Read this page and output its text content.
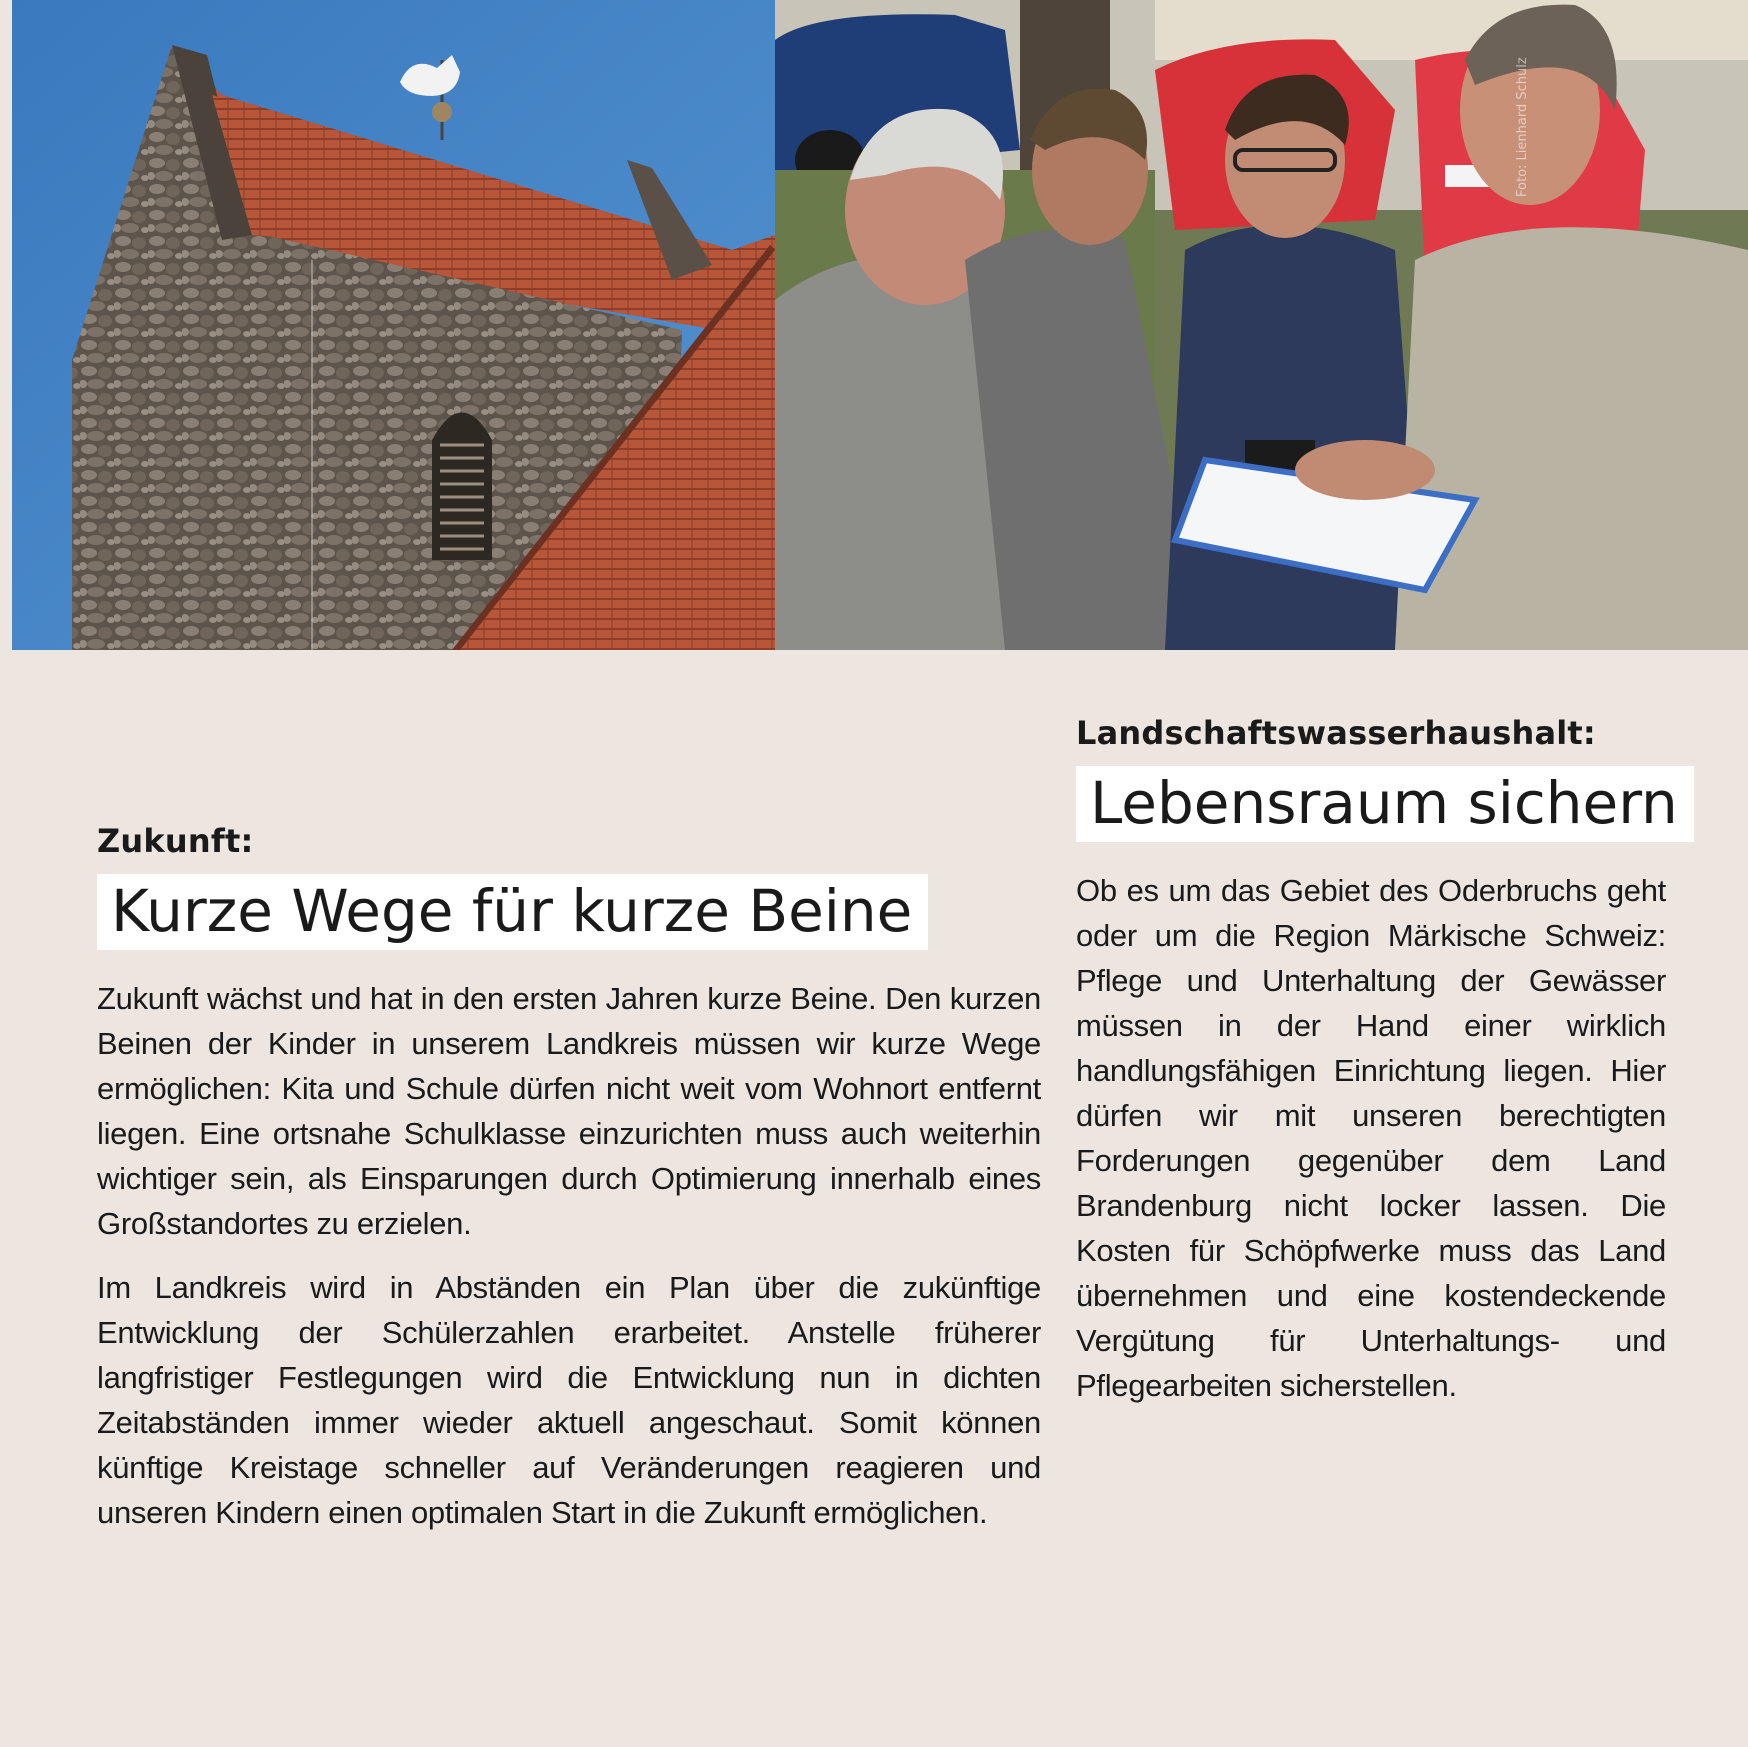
Foto: Lienhard Schulz
Zukunft:
Kurze Wege für kurze Beine

Zukunft wächst und hat in den ersten Jahren kurze Beine. Den kurzen Beinen der Kinder in unserem Landkreis müssen wir kurze Wege ermöglichen: Kita und Schule dürfen nicht weit vom Wohnort entfernt liegen. Eine ortsnahe Schulklasse einzurichten muss auch weiterhin wichtiger sein, als Einsparungen durch Optimierung innerhalb eines Großstandortes zu erzielen.

Im Landkreis wird in Abständen ein Plan über die zukünftige Entwicklung der Schülerzahlen erarbeitet. Anstelle früherer langfristiger Festlegungen wird die Entwicklung nun in dichten Zeitabständen immer wieder aktuell angeschaut. Somit können künftige Kreistage schneller auf Veränderungen reagieren und unseren Kindern einen optimalen Start in die Zukunft ermöglichen.

Landschaftswasserhaushalt:
Lebensraum sichern

Ob es um das Gebiet des Oderbruchs geht oder um die Region Märkische Schweiz: Pflege und Unterhaltung der Gewässer müssen in der Hand einer wirklich handlungsfähigen Einrichtung liegen. Hier dürfen wir mit unseren berechtigten Forderungen gegenüber dem Land Brandenburg nicht locker lassen. Die Kosten für Schöpfwerke muss das Land übernehmen und eine kostendeckende Vergütung für Unterhaltungs- und Pflegearbeiten sicherstellen.
